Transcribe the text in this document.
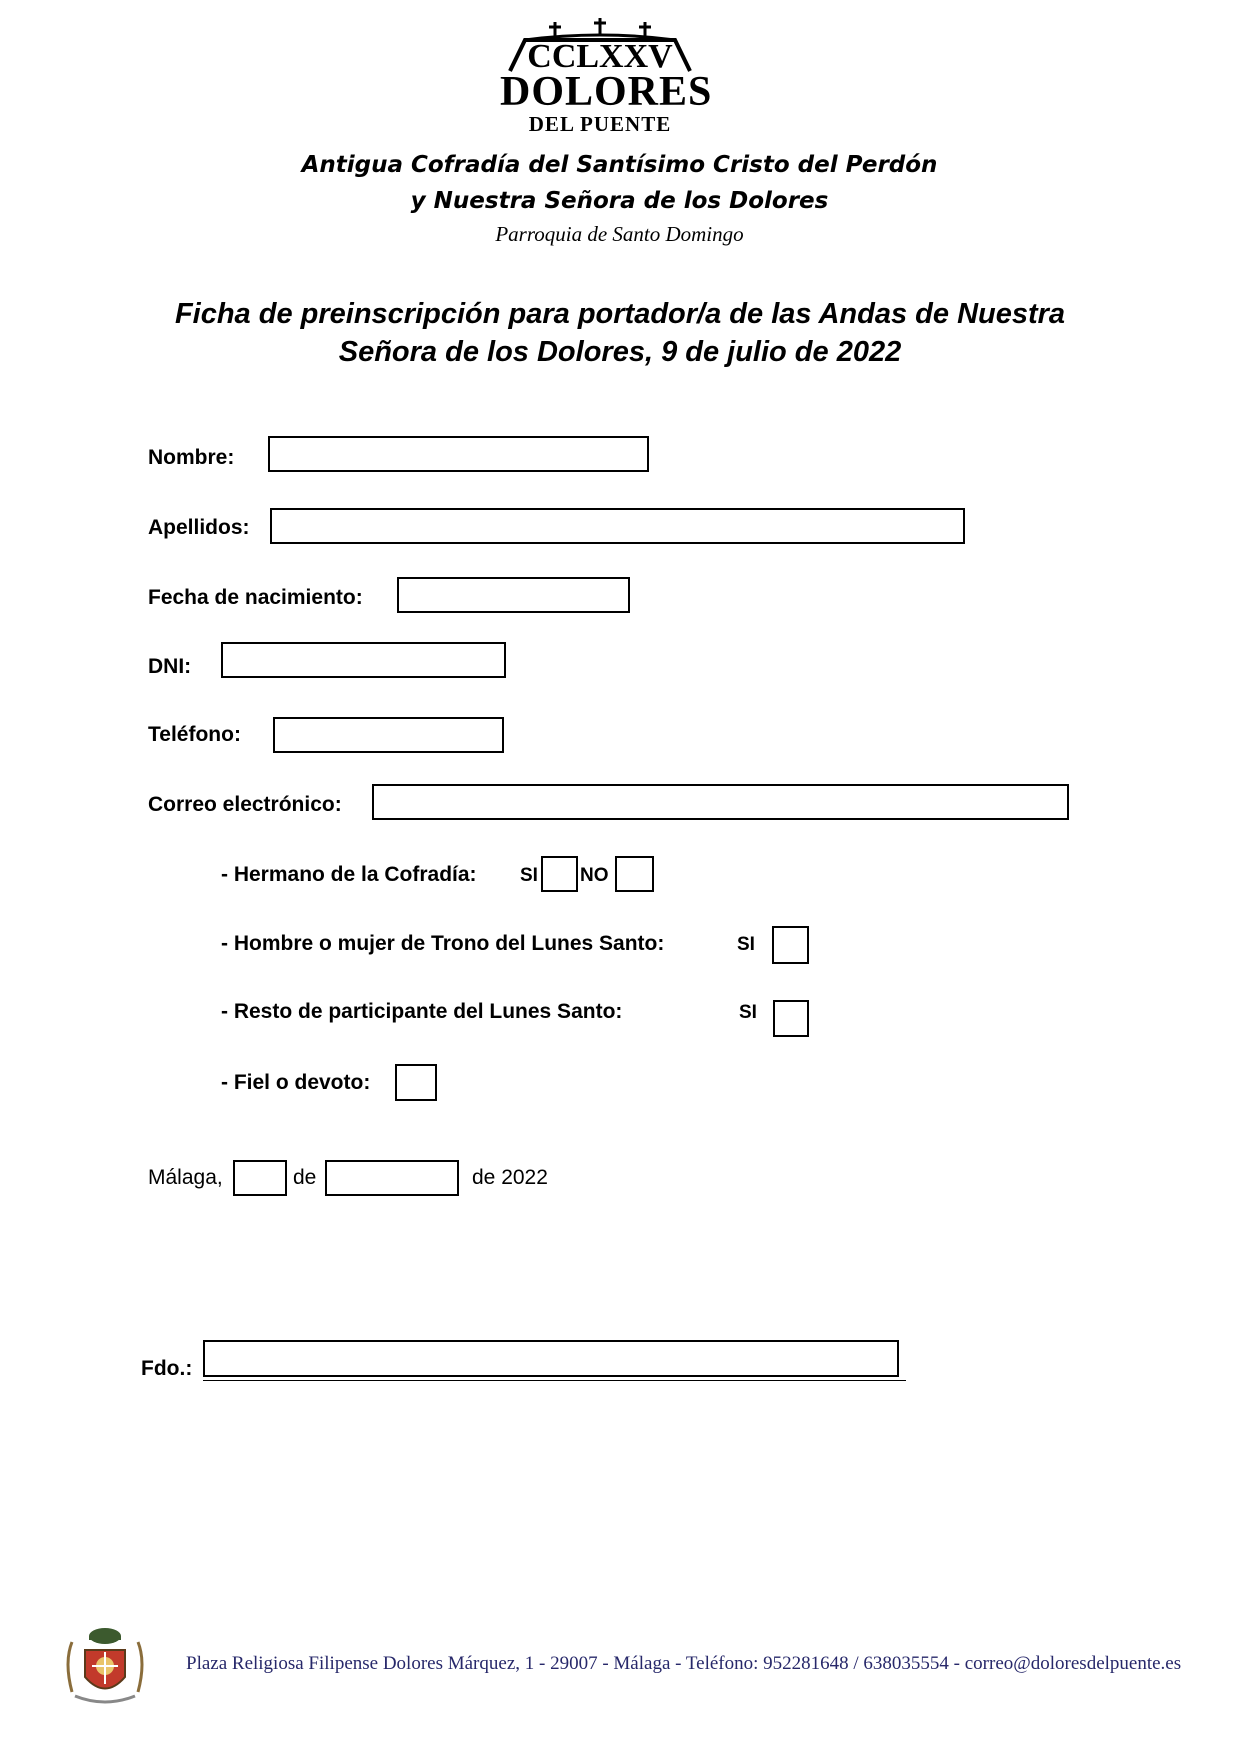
CCLXXV
DOLORES
DEL PUENTE
Antigua Cofradía del Santísimo Cristo del Perdón
y Nuestra Señora de los Dolores
Parroquia de Santo Domingo
Ficha de preinscripción para portador/a de las Andas de Nuestra
Señora de los Dolores, 9 de julio de 2022
Nombre:
Apellidos:
Fecha de nacimiento:
DNI:
Teléfono:
Correo electrónico:
- Hermano de la Cofradía: SI NO
- Hombre o mujer de Trono del Lunes Santo:	SI
- Resto de participante del Lunes Santo:	SI
- Fiel o devoto:
Málaga,	de	de 2022
Fdo.:
Plaza Religiosa Filipense Dolores Márquez, 1 - 29007 - Málaga - Teléfono: 952281648 / 638035554 - correo@doloresdelpuente.es
